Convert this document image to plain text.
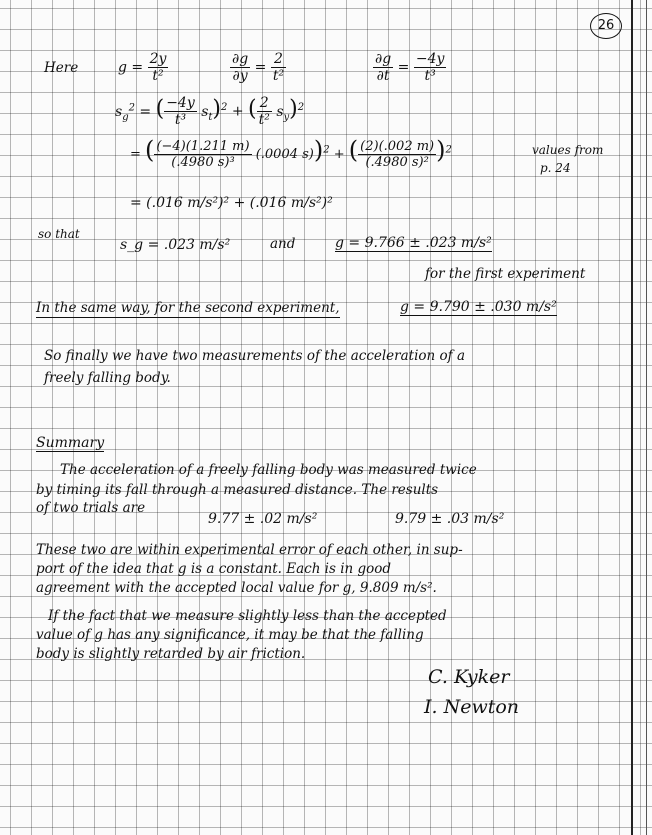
26
Here	$g = \frac{2y}{\text{t²}}$	$\frac{\partial g}{\partial y} = \frac{2}{\text{t²}}$	$\frac{\partial g}{\partial t} = \frac{-4y}{\text{t³}}$
$s_g^2$ = ( $\frac{-4y}{\text{t³}} s_t)^2$ + ( $\frac{2}{\text{t²}} s_y)^2$
= ( $\frac{(-4)(1.211 m)}{\text{(.4980 s)³}} (.0004$ s))$^2$ + ( $\frac{(2)(.002 m)}{\text{(.4980 s)²}} )^2$	values from
p. 24
= (.016 m/s²)² + (.016 m/s²)²
so that
s_g = .023 m/s²	and	g = 9.766 ± .023 m/s²
for the first experiment
In the same way, for the second experiment,	g = 9.790 ± .030 m/s²
So finally we have two measurements of the acceleration of a
freely falling body.
Summary
The acceleration of a freely falling body was measured twice
by timing its fall through a measured distance. The results
of two trials are
9.77 ± .02 m/s²	9.79 ± .03 m/s²
These two are within experimental error of each other, in sup-
port of the idea that g is a constant. Each is in good
agreement with the accepted local value for g, 9.809 m/s².
If the fact that we measure slightly less than the accepted
value of g has any significance, it may be that the falling
body is slightly retarded by air friction.
C. Kyker
I. Newton
